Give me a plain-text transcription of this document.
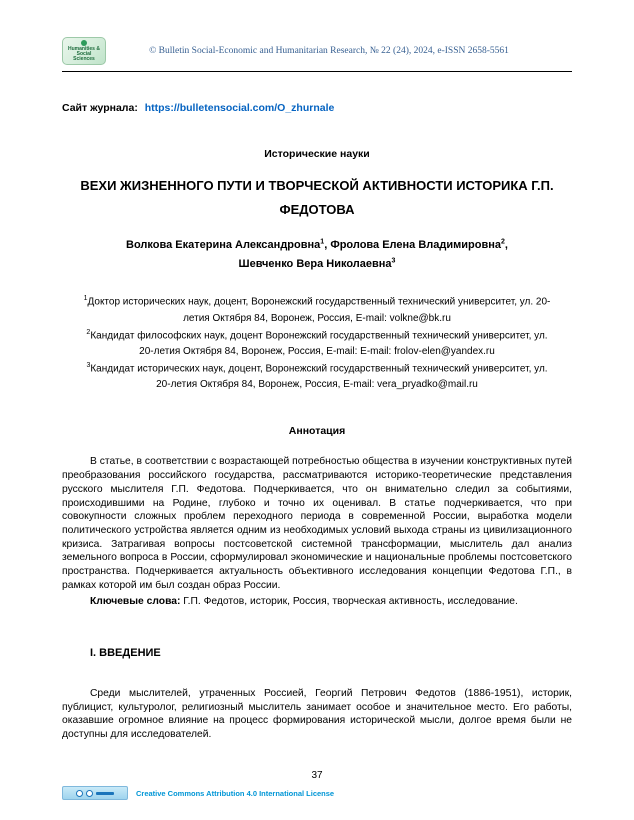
Humanities & Social
Sciences
© Bulletin Social-Economic and Humanitarian Research, № 22 (24), 2024, e-ISSN 2658-5561
Сайт журнала: https://bulletensocial.com/O_zhurnale
Исторические науки
ВЕХИ ЖИЗНЕННОГО ПУТИ И ТВОРЧЕСКОЙ АКТИВНОСТИ ИСТОРИКА Г.П. ФЕДОТОВА
Волкова Екатерина Александровна$^1$, Фролова Елена Владимировна$^2$,
Шевченко Вера Николаевна$^3$
$^1$Доктор исторических наук, доцент, Воронежский государственный технический университет, ул. 20-летия Октября 84, Воронеж, Россия, E-mail: volkne@bk.ru
$^2$Кандидат философских наук, доцент Воронежский государственный технический университет, ул. 20-летия Октября 84, Воронеж, Россия, E-mail: E-mail: frolov-elen@yandex.ru
$^3$Кандидат исторических наук, доцент, Воронежский государственный технический университет, ул. 20-летия Октября 84, Воронеж, Россия, E-mail: vera_pryadko@mail.ru
Аннотация

В статье, в соответствии с возрастающей потребностью общества в изучении конструктивных путей преобразования российского государства, рассматриваются историко-теоретические представления русского мыслителя Г.П. Федотова. Подчеркивается, что он внимательно следил за событиями, происходившими на Родине, глубоко и точно их оценивал. В статье подчеркивается, что при совокупности сложных проблем переходного периода в современной России, выработка модели политического устройства является одним из необходимых условий выхода страны из цивилизационного кризиса. Затрагивая вопросы постсоветской системной трансформации, мыслитель дал анализ земельного вопроса в России, сформулировал экономические и национальные проблемы постсоветского пространства. Подчеркивается актуальность объективного исследования концепции Федотова Г.П., в рамках которой им был создан образ России.

Ключевые слова: Г.П. Федотов, историк, Россия, творческая активность, исследование.

I. ВВЕДЕНИЕ

Среди мыслителей, утраченных Россией, Георгий Петрович Федотов (1886-1951), историк, публицист, культуролог, религиозный мыслитель занимает особое и значительное место. Его работы, оказавшие огромное влияние на процесс формирования исторической мысли, долгое время были не доступны для исследователей.

37
Creative Commons Attribution 4.0 International License
